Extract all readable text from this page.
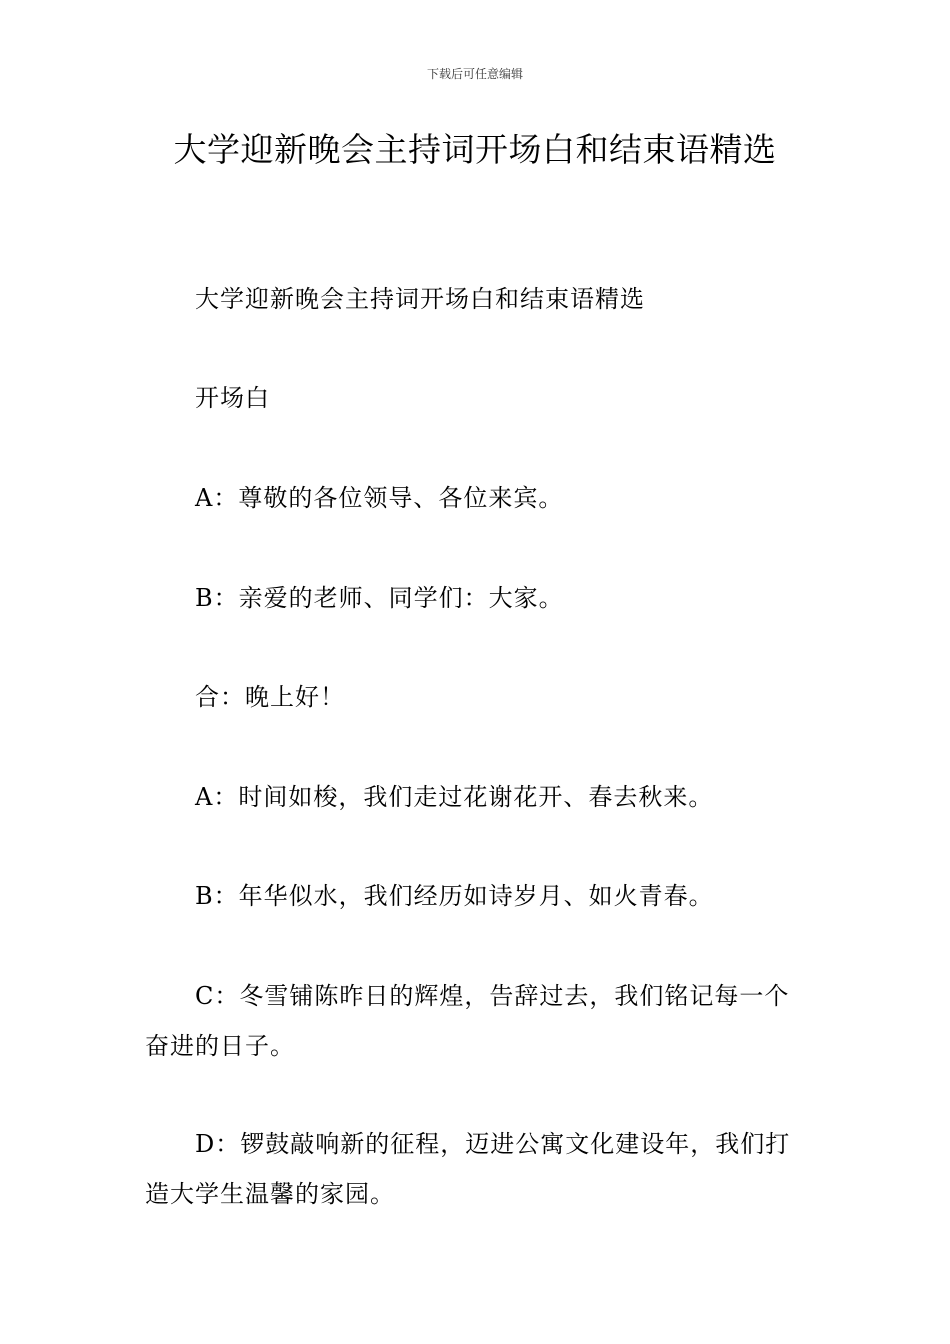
下载后可任意编辑
大学迎新晚会主持词开场白和结束语精选

大学迎新晚会主持词开场白和结束语精选

开场白

A：尊敬的各位领导、各位来宾。

B：亲爱的老师、同学们：大家。

合：晚上好！

A：时间如梭，我们走过花谢花开、春去秋来。

B：年华似水，我们经历如诗岁月、如火青春。

C：冬雪铺陈昨日的辉煌，告辞过去，我们铭记每一个奋进的日子。

D：锣鼓敲响新的征程，迈进公寓文化建设年，我们打造大学生温馨的家园。
